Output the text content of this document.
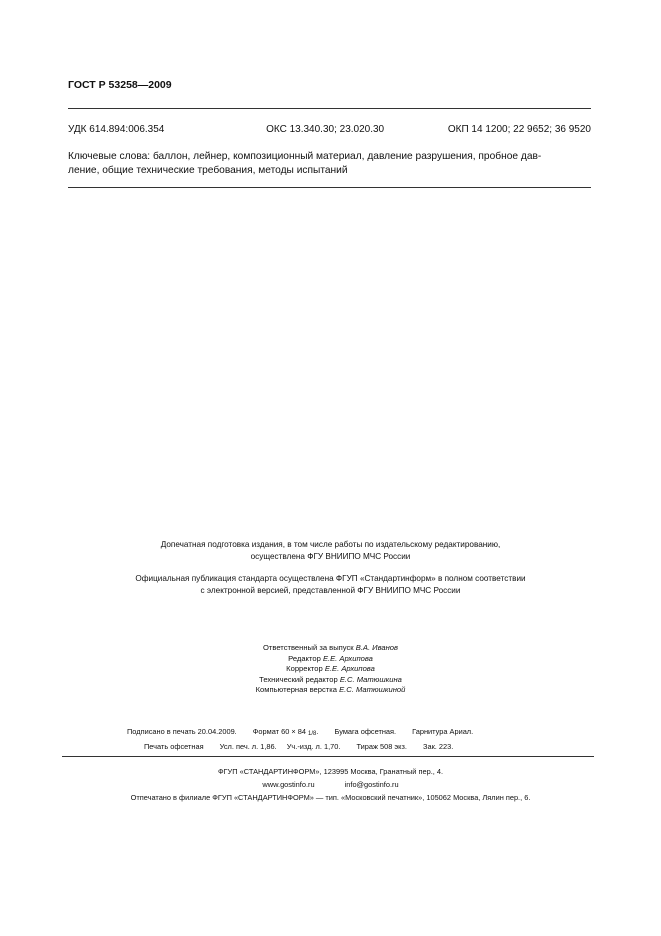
ГОСТ Р 53258—2009
УДК 614.894:006.354	ОКС 13.340.30; 23.020.30	ОКП 14 1200; 22 9652; 36 9520
Ключевые слова: баллон, лейнер, композиционный материал, давление разрушения, пробное дав-
ление, общие технические требования, методы испытаний
Допечатная подготовка издания, в том числе работы по издательскому редактированию,
осуществлена ФГУ ВНИИПО МЧС России
Официальная публикация стандарта осуществлена ФГУП «Стандартинформ» в полном соответствии
с электронной версией, представленной ФГУ ВНИИПО МЧС России
Ответственный за выпуск В.А. Иванов
Редактор Е.Е. Архипова
Корректор Е.Е. Архипова
Технический редактор Е.С. Матюшкина
Компьютерная верстка Е.С. Матюшкиной
Подписано в печать 20.04.2009. Формат 60 × 84 1/8. Бумага офсетная. Гарнитура Ариал.
Печать офсетная Усл. печ. л. 1,86. Уч.-изд. л. 1,70. Тираж 508 экз. Зак. 223.
ФГУП «СТАНДАРТИНФОРМ», 123995 Москва, Гранатный пер., 4.
www.gostinfo.ru	info@gostinfo.ru
Отпечатано в филиале ФГУП «СТАНДАРТИНФОРМ» — тип. «Московский печатник», 105062 Москва, Лялин пер., 6.
